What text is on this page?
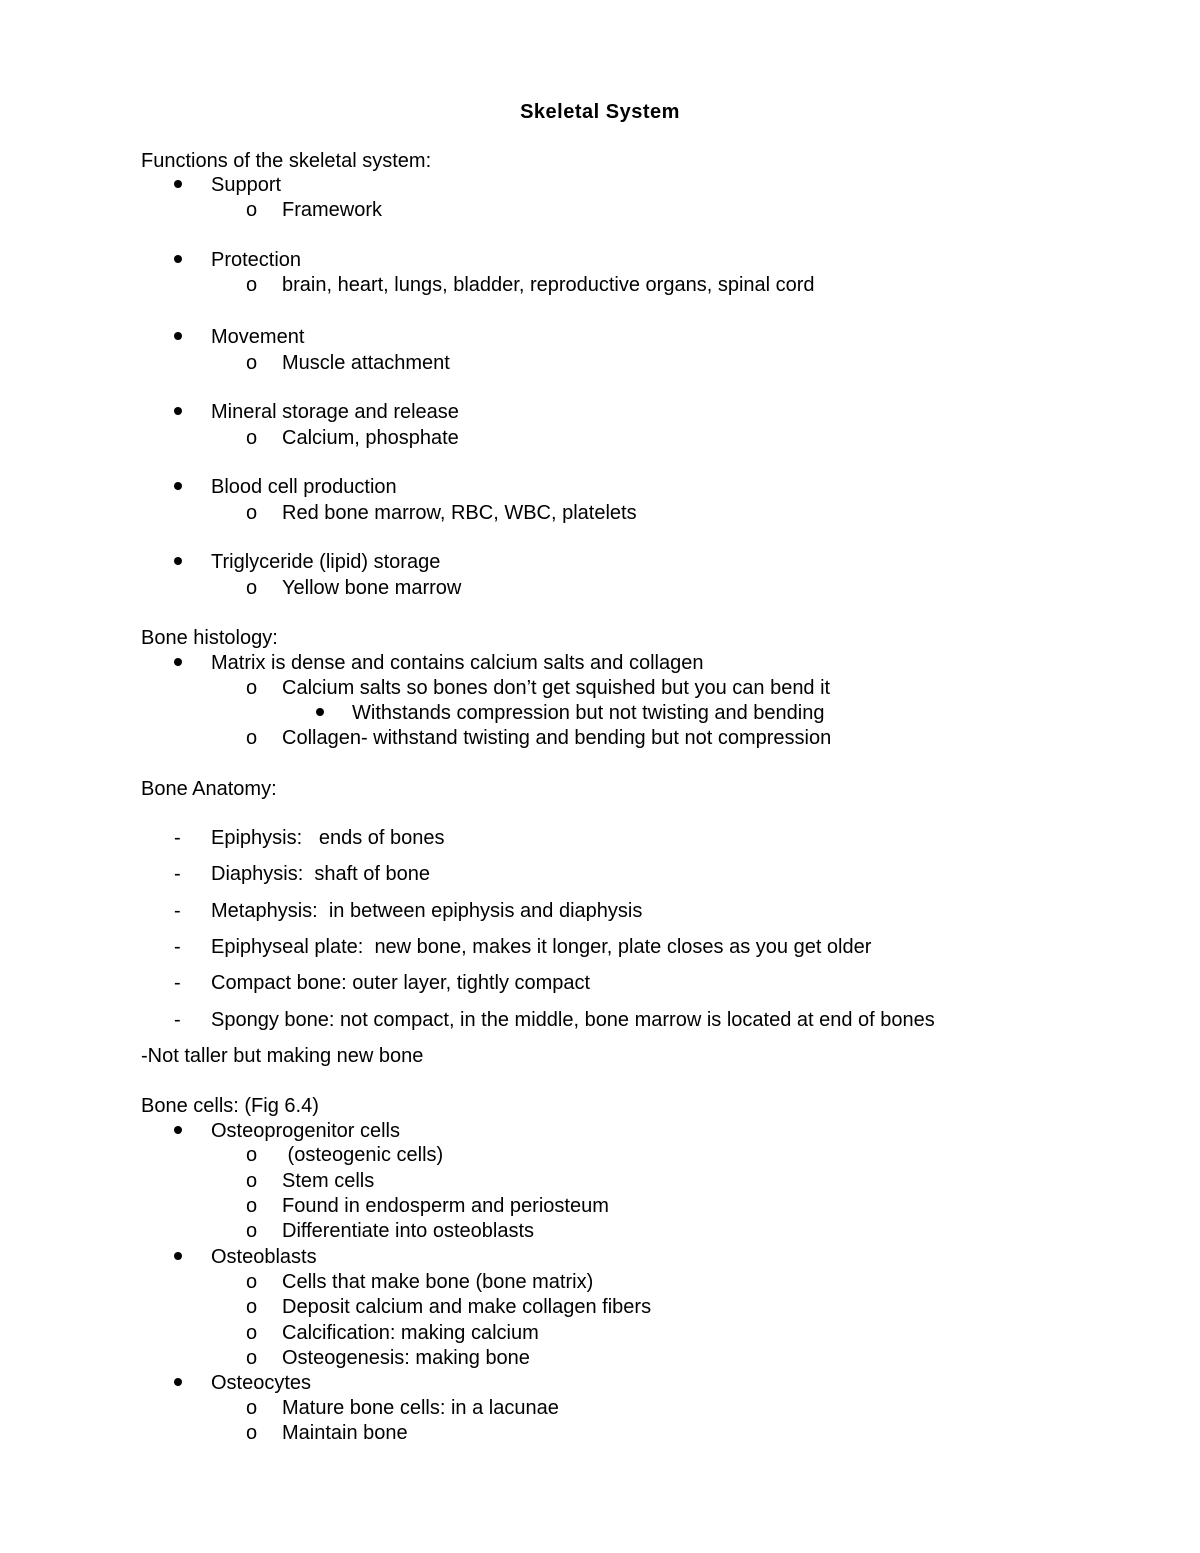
Skeletal System
Functions of the skeletal system:
Support
o Framework
Protection
o brain, heart, lungs, bladder, reproductive organs, spinal cord
Movement
o Muscle attachment
Mineral storage and release
o Calcium, phosphate
Blood cell production
o Red bone marrow, RBC, WBC, platelets
Triglyceride (lipid) storage
o Yellow bone marrow
Bone histology:
Matrix is dense and contains calcium salts and collagen
o Calcium salts so bones don’t get squished but you can bend it
Withstands compression but not twisting and bending
o Collagen- withstand twisting and bending but not compression
Bone Anatomy:
- Epiphysis:   ends of bones
- Diaphysis:  shaft of bone
- Metaphysis:  in between epiphysis and diaphysis
- Epiphyseal plate:  new bone, makes it longer, plate closes as you get older
- Compact bone: outer layer, tightly compact
- Spongy bone: not compact, in the middle, bone marrow is located at end of bones
-Not taller but making new bone
Bone cells: (Fig 6.4)
Osteoprogenitor cells
o (osteogenic cells)
o Stem cells
o Found in endosperm and periosteum
o Differentiate into osteoblasts
Osteoblasts
o Cells that make bone (bone matrix)
o Deposit calcium and make collagen fibers
o Calcification: making calcium
o Osteogenesis: making bone
Osteocytes
o Mature bone cells: in a lacunae
o Maintain bone
